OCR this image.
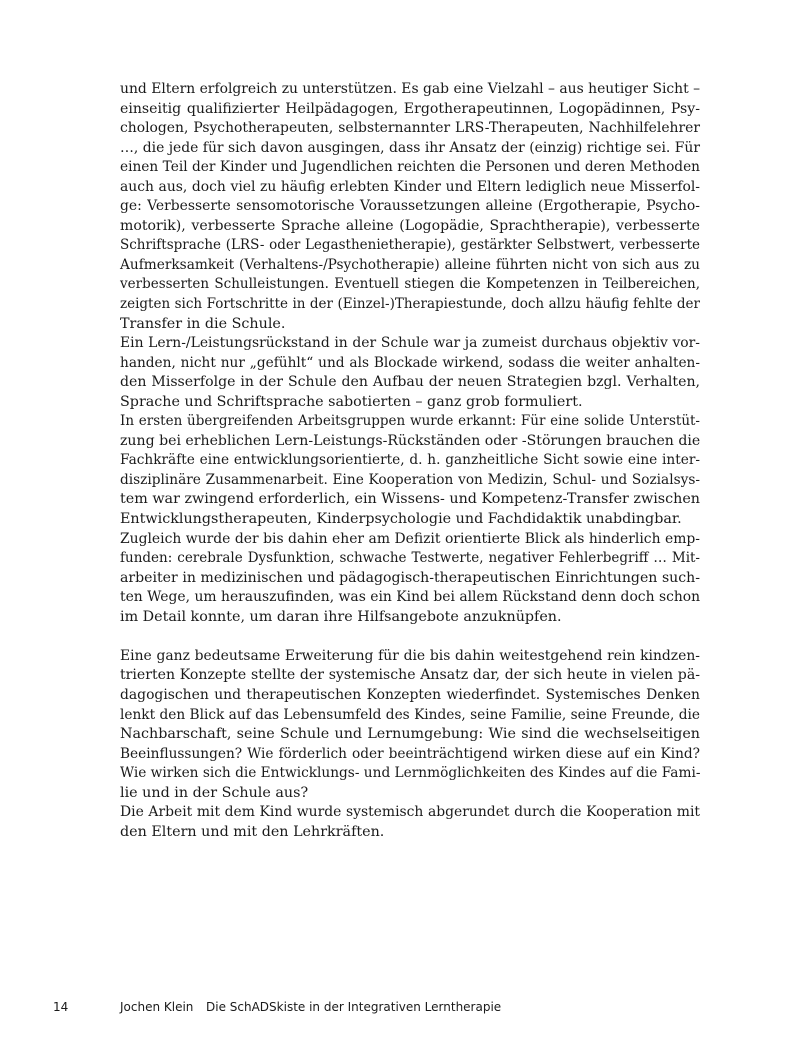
und Eltern erfolgreich zu unterstützen. Es gab eine Vielzahl – aus heutiger Sicht –
einseitig qualifizierter Heilpädagogen, Ergotherapeutinnen, Logopädinnen, Psy-
chologen, Psychotherapeuten, selbsternannter LRS-Therapeuten, Nachhilfelehrer
…, die jede für sich davon ausgingen, dass ihr Ansatz der (einzig) richtige sei. Für
einen Teil der Kinder und Jugendlichen reichten die Personen und deren Methoden
auch aus, doch viel zu häufig erlebten Kinder und Eltern lediglich neue Misserfol-
ge: Verbesserte sensomotorische Voraussetzungen alleine (Ergotherapie, Psycho-
motorik), verbesserte Sprache alleine (Logopädie, Sprachtherapie), verbesserte
Schriftsprache (LRS- oder Legasthenietherapie), gestärkter Selbstwert, verbesserte
Aufmerksamkeit (Verhaltens-/Psychotherapie) alleine führten nicht von sich aus zu
verbesserten Schulleistungen. Eventuell stiegen die Kompetenzen in Teilbereichen,
zeigten sich Fortschritte in der (Einzel-)Therapiestunde, doch allzu häufig fehlte der
Transfer in die Schule.
Ein Lern-/Leistungsrückstand in der Schule war ja zumeist durchaus objektiv vor-
handen, nicht nur „gefühlt“ und als Blockade wirkend, sodass die weiter anhalten-
den Misserfolge in der Schule den Aufbau der neuen Strategien bzgl. Verhalten,
Sprache und Schriftsprache sabotierten – ganz grob formuliert.
In ersten übergreifenden Arbeitsgruppen wurde erkannt: Für eine solide Unterstüt-
zung bei erheblichen Lern-Leistungs-Rückständen oder -Störungen brauchen die
Fachkräfte eine entwicklungsorientierte, d. h. ganzheitliche Sicht sowie eine inter-
disziplinäre Zusammenarbeit. Eine Kooperation von Medizin, Schul- und Sozialsys-
tem war zwingend erforderlich, ein Wissens- und Kompetenz-Transfer zwischen
Entwicklungstherapeuten, Kinderpsychologie und Fachdidaktik unabdingbar.
Zugleich wurde der bis dahin eher am Defizit orientierte Blick als hinderlich emp-
funden: cerebrale Dysfunktion, schwache Testwerte, negativer Fehlerbegriff … Mit-
arbeiter in medizinischen und pädagogisch-therapeutischen Einrichtungen such-
ten Wege, um herauszufinden, was ein Kind bei allem Rückstand denn doch schon
im Detail konnte, um daran ihre Hilfsangebote anzuknüpfen.
Eine ganz bedeutsame Erweiterung für die bis dahin weitestgehend rein kindzen-
trierten Konzepte stellte der systemische Ansatz dar, der sich heute in vielen pä-
dagogischen und therapeutischen Konzepten wiederfindet. Systemisches Denken
lenkt den Blick auf das Lebensumfeld des Kindes, seine Familie, seine Freunde, die
Nachbarschaft, seine Schule und Lernumgebung: Wie sind die wechselseitigen
Beeinflussungen? Wie förderlich oder beeinträchtigend wirken diese auf ein Kind?
Wie wirken sich die Entwicklungs- und Lernmöglichkeiten des Kindes auf die Fami-
lie und in der Schule aus?
Die Arbeit mit dem Kind wurde systemisch abgerundet durch die Kooperation mit
den Eltern und mit den Lehrkräften.
14	Jochen Klein Die SchADSkiste in der Integrativen Lerntherapie
